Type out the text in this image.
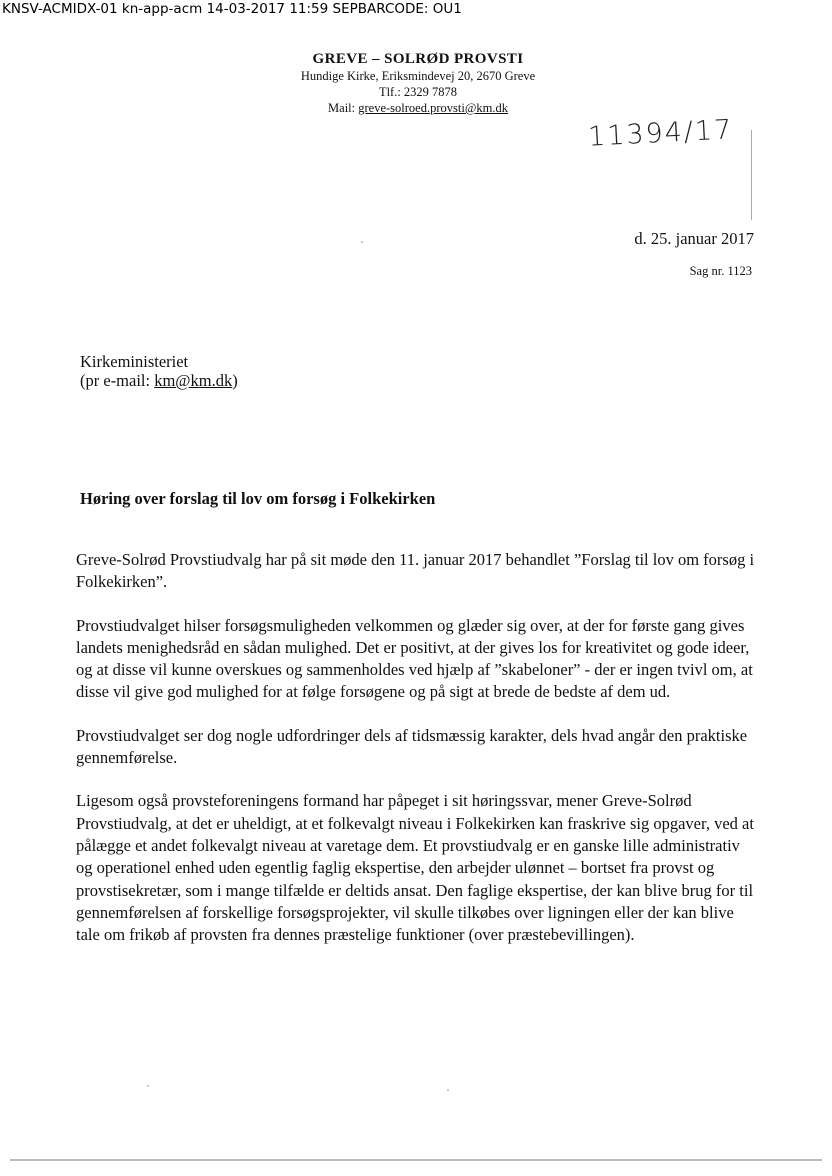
KNSV-ACMIDX-01 kn-app-acm 14-03-2017 11:59 SEPBARCODE: OU1
GREVE – SOLRØD PROVSTI
Hundige Kirke, Eriksmindevej 20, 2670 Greve
Tlf.: 2329 7878
Mail: greve-solroed.provsti@km.dk
11394/17
d. 25. januar 2017
Sag nr. 1123
Kirkeministeriet
(pr e-mail: km@km.dk)
Høring over forslag til lov om forsøg i Folkekirken

Greve-Solrød Provstiudvalg har på sit møde den 11. januar 2017 behandlet ”Forslag til lov om forsøg i Folkekirken”.

Provstiudvalget hilser forsøgsmuligheden velkommen og glæder sig over, at der for første gang gives landets menighedsråd en sådan mulighed. Det er positivt, at der gives los for kreativitet og gode ideer, og at disse vil kunne overskues og sammenholdes ved hjælp af ”skabeloner” - der er ingen tvivl om, at disse vil give god mulighed for at følge forsøgene og på sigt at brede de bedste af dem ud.

Provstiudvalget ser dog nogle udfordringer dels af tidsmæssig karakter, dels hvad angår den praktiske gennemførelse.

Ligesom også provsteforeningens formand har påpeget i sit høringssvar, mener Greve-Solrød Provstiudvalg, at det er uheldigt, at et folkevalgt niveau i Folkekirken kan fraskrive sig opgaver, ved at pålægge et andet folkevalgt niveau at varetage dem. Et provstiudvalg er en ganske lille administrativ og operationel enhed uden egentlig faglig ekspertise, den arbejder ulønnet – bortset fra provst og provstisekretær, som i mange tilfælde er deltids ansat. Den faglige ekspertise, der kan blive brug for til gennemførelsen af forskellige forsøgsprojekter, vil skulle tilkøbes over ligningen eller der kan blive tale om frikøb af provsten fra dennes præstelige funktioner (over præstebevillingen).
